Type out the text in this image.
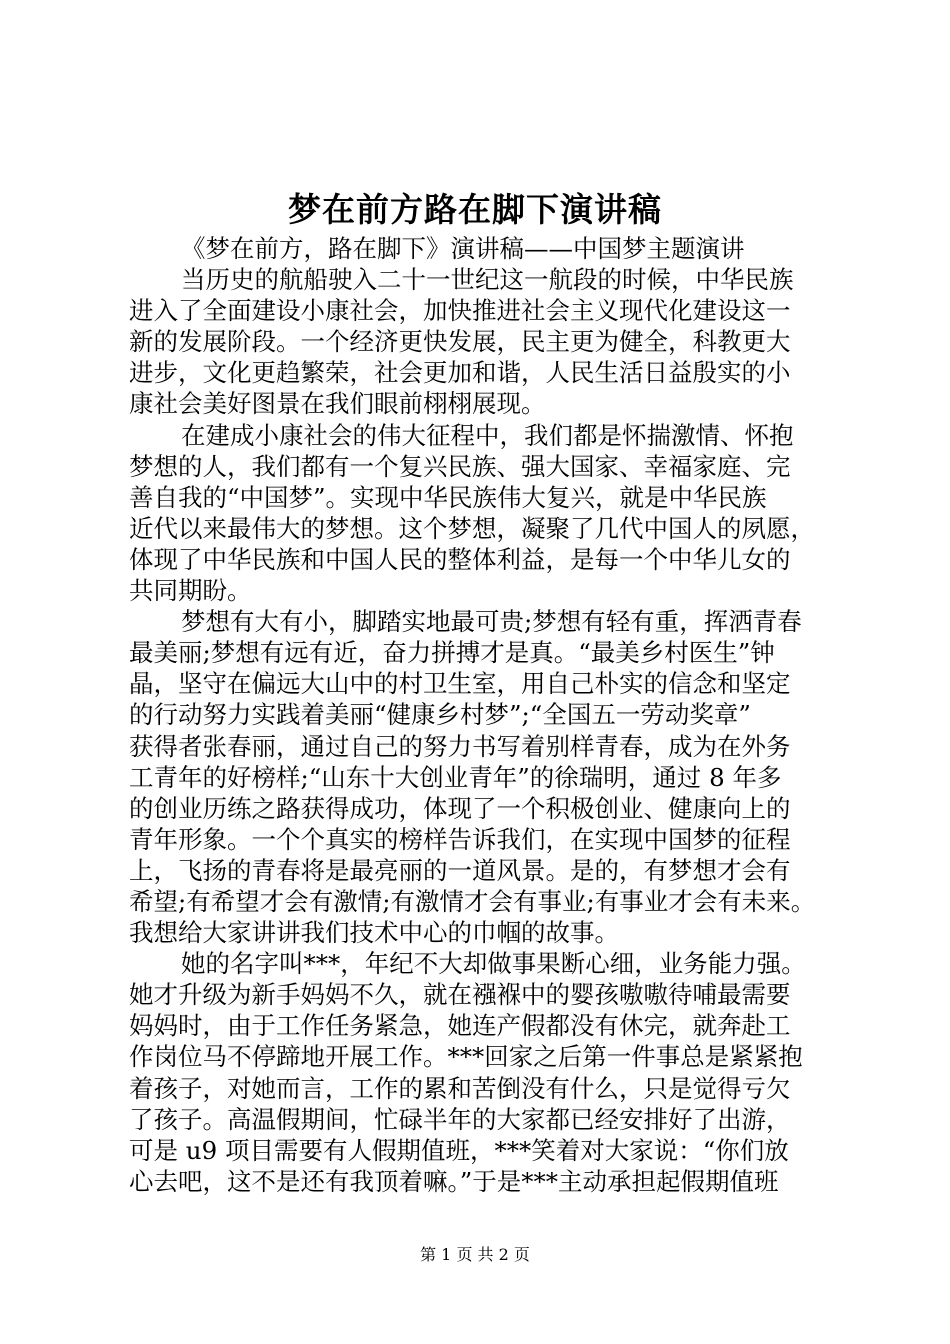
梦在前方路在脚下演讲稿
《梦在前方，路在脚下》演讲稿——中国梦主题演讲
当历史的航船驶入二十一世纪这一航段的时候，中华民族
进入了全面建设小康社会，加快推进社会主义现代化建设这一
新的发展阶段。一个经济更快发展，民主更为健全，科教更大
进步，文化更趋繁荣，社会更加和谐，人民生活日益殷实的小
康社会美好图景在我们眼前栩栩展现。
在建成小康社会的伟大征程中，我们都是怀揣激情、怀抱
梦想的人，我们都有一个复兴民族、强大国家、幸福家庭、完
善自我的“中国梦”。实现中华民族伟大复兴，就是中华民族
近代以来最伟大的梦想。这个梦想，凝聚了几代中国人的夙愿，
体现了中华民族和中国人民的整体利益，是每一个中华儿女的
共同期盼。
梦想有大有小，脚踏实地最可贵;梦想有轻有重，挥洒青春
最美丽;梦想有远有近，奋力拼搏才是真。“最美乡村医生”钟
晶，坚守在偏远大山中的村卫生室，用自己朴实的信念和坚定
的行动努力实践着美丽“健康乡村梦”;“全国五一劳动奖章”
获得者张春丽，通过自己的努力书写着别样青春，成为在外务
工青年的好榜样;“山东十大创业青年”的徐瑞明，通过 8 年多
的创业历练之路获得成功，体现了一个积极创业、健康向上的
青年形象。一个个真实的榜样告诉我们，在实现中国梦的征程
上，飞扬的青春将是最亮丽的一道风景。是的，有梦想才会有
希望;有希望才会有激情;有激情才会有事业;有事业才会有未来。
我想给大家讲讲我们技术中心的巾帼的故事。
她的名字叫***，年纪不大却做事果断心细，业务能力强。
她才升级为新手妈妈不久，就在襁褓中的婴孩嗷嗷待哺最需要
妈妈时，由于工作任务紧急，她连产假都没有休完，就奔赴工
作岗位马不停蹄地开展工作。***回家之后第一件事总是紧紧抱
着孩子，对她而言，工作的累和苦倒没有什么，只是觉得亏欠
了孩子。高温假期间，忙碌半年的大家都已经安排好了出游，
可是 u9 项目需要有人假期值班，***笑着对大家说：“你们放
心去吧，这不是还有我顶着嘛。”于是***主动承担起假期值班
第 1 页 共 2 页
